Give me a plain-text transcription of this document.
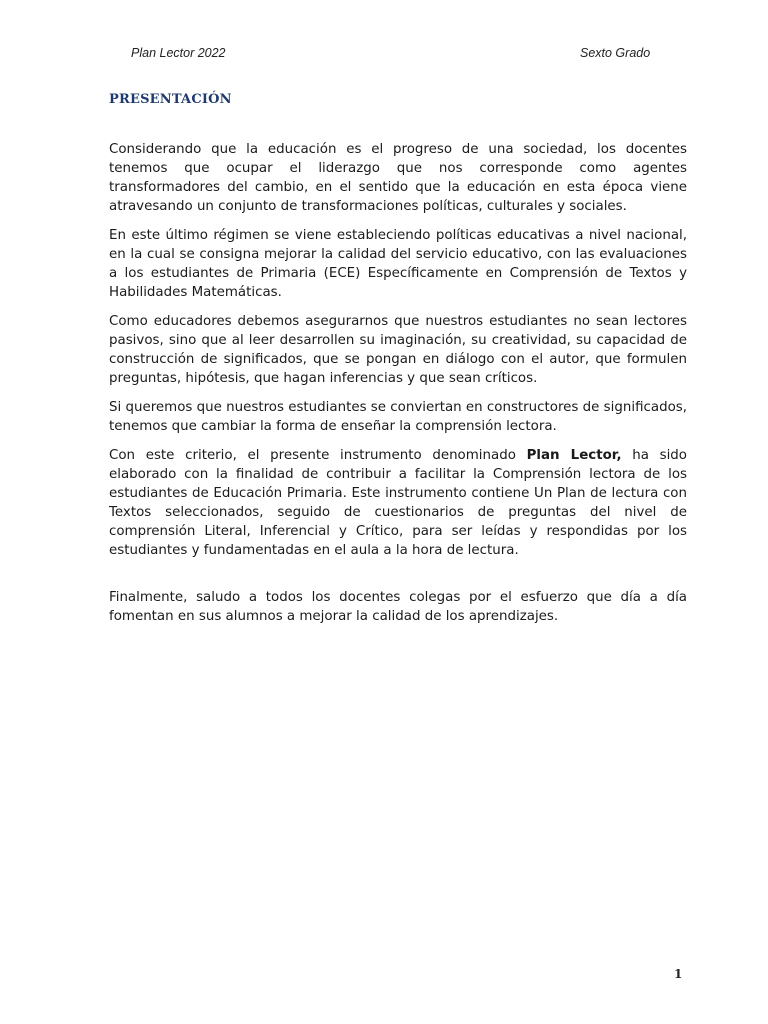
Plan Lector 2022	Sexto Grado
PRESENTACIÓN

Considerando que la educación es el progreso de una sociedad, los docentes tenemos que ocupar el liderazgo que nos corresponde como agentes transformadores del cambio, en el sentido que la educación en esta época viene atravesando un conjunto de transformaciones políticas, culturales y sociales.

En este último régimen se viene estableciendo políticas educativas a nivel nacional, en la cual se consigna mejorar la calidad del servicio educativo, con las evaluaciones a los estudiantes de Primaria (ECE) Específicamente en Comprensión de Textos y Habilidades Matemáticas.

Como educadores debemos asegurarnos que nuestros estudiantes no sean lectores pasivos, sino que al leer desarrollen su imaginación, su creatividad, su capacidad de construcción de significados, que se pongan en diálogo con el autor, que formulen preguntas, hipótesis, que hagan inferencias y que sean críticos.

Si queremos que nuestros estudiantes se conviertan en constructores de significados, tenemos que cambiar la forma de enseñar la comprensión lectora.

Con este criterio, el presente instrumento denominado Plan Lector, ha sido elaborado con la finalidad de contribuir a facilitar la Comprensión lectora de los estudiantes de Educación Primaria. Este instrumento contiene Un Plan de lectura con Textos seleccionados, seguido de cuestionarios de preguntas del nivel de comprensión Literal, Inferencial y Crítico, para ser leídas y respondidas por los estudiantes y fundamentadas en el aula a la hora de lectura.

Finalmente, saludo a todos los docentes colegas por el esfuerzo que día a día fomentan en sus alumnos a mejorar la calidad de los aprendizajes.

1
